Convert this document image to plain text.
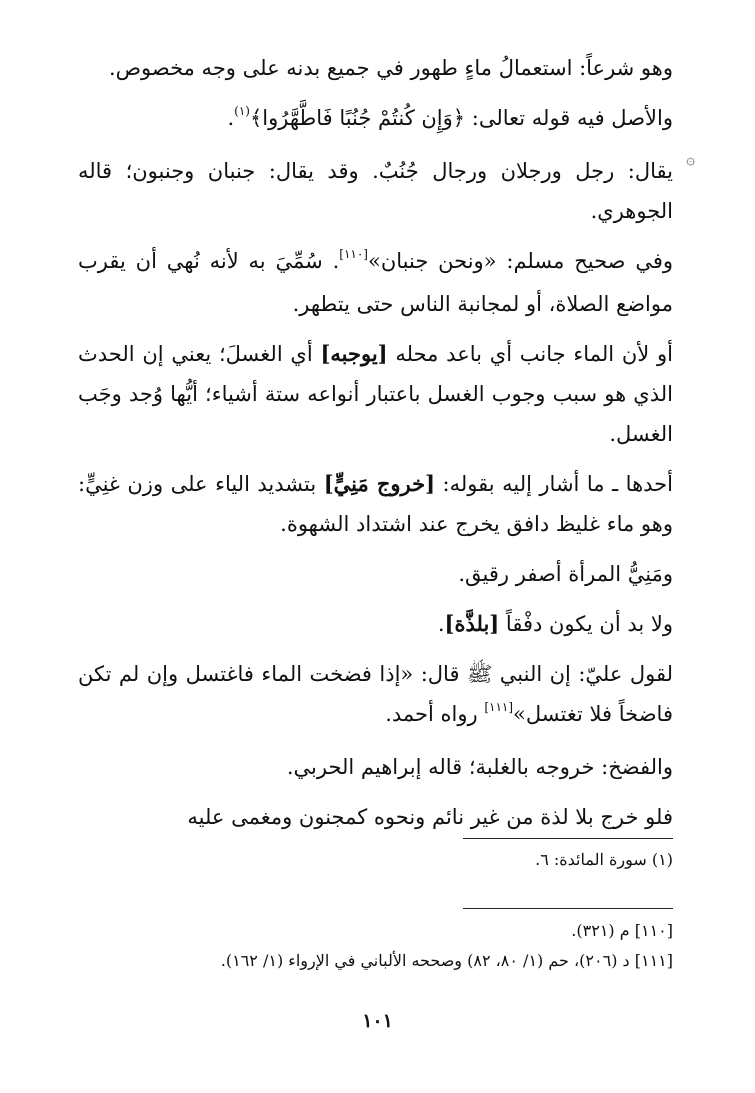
۞

وهو شرعاً: استعمالُ ماءٍ طهور في جميع بدنه على وجه مخصوص.

والأصل فيه قوله تعالى: ﴿وَإِن كُنتُمْ جُنُبًا فَاطَّهَّرُوا﴾$^{(١)}$.

يقال: رجل ورجلان ورجال جُنُبٌ. وقد يقال: جنبان وجنبون؛ قاله الجوهري.

وفي صحيح مسلم: «ونحن جنبان»[١١٠]. سُمِّيَ به لأنه نُهي أن يقرب مواضع الصلاة، أو لمجانبة الناس حتى يتطهر.

أو لأن الماء جانب أي باعد محله [يوجبه] أي الغسلَ؛ يعني إن الحدث الذي هو سبب وجوب الغسل باعتبار أنواعه ستة أشياء؛ أيُّها وُجد وجَب الغسل.

أحدها ـ ما أشار إليه بقوله: [خروج مَنِيٍّ] بتشديد الياء على وزن غنِيٍّ: وهو ماء غليظ دافق يخرج عند اشتداد الشهوة.

ومَنِيُّ المرأة أصفر رقيق.

ولا بد أن يكون دفْقاً [بلذَّة].

لقول عليّ: إن النبي ﷺ قال: «إذا فضخت الماء فاغتسل وإن لم تكن فاضخاً فلا تغتسل»[١١١] رواه أحمد.

والفضخ: خروجه بالغلبة؛ قاله إبراهيم الحربي.

فلو خرج بلا لذة من غير نائم ونحوه كمجنون ومغمى عليه

(١) سورة المائدة: ٦.

[١١٠] م (٣٢١).

[١١١] د (٢٠٦)، حم (١/ ٨٠، ٨٢) وصححه الألباني في الإرواء (١/ ١٦٢).

١٠١
